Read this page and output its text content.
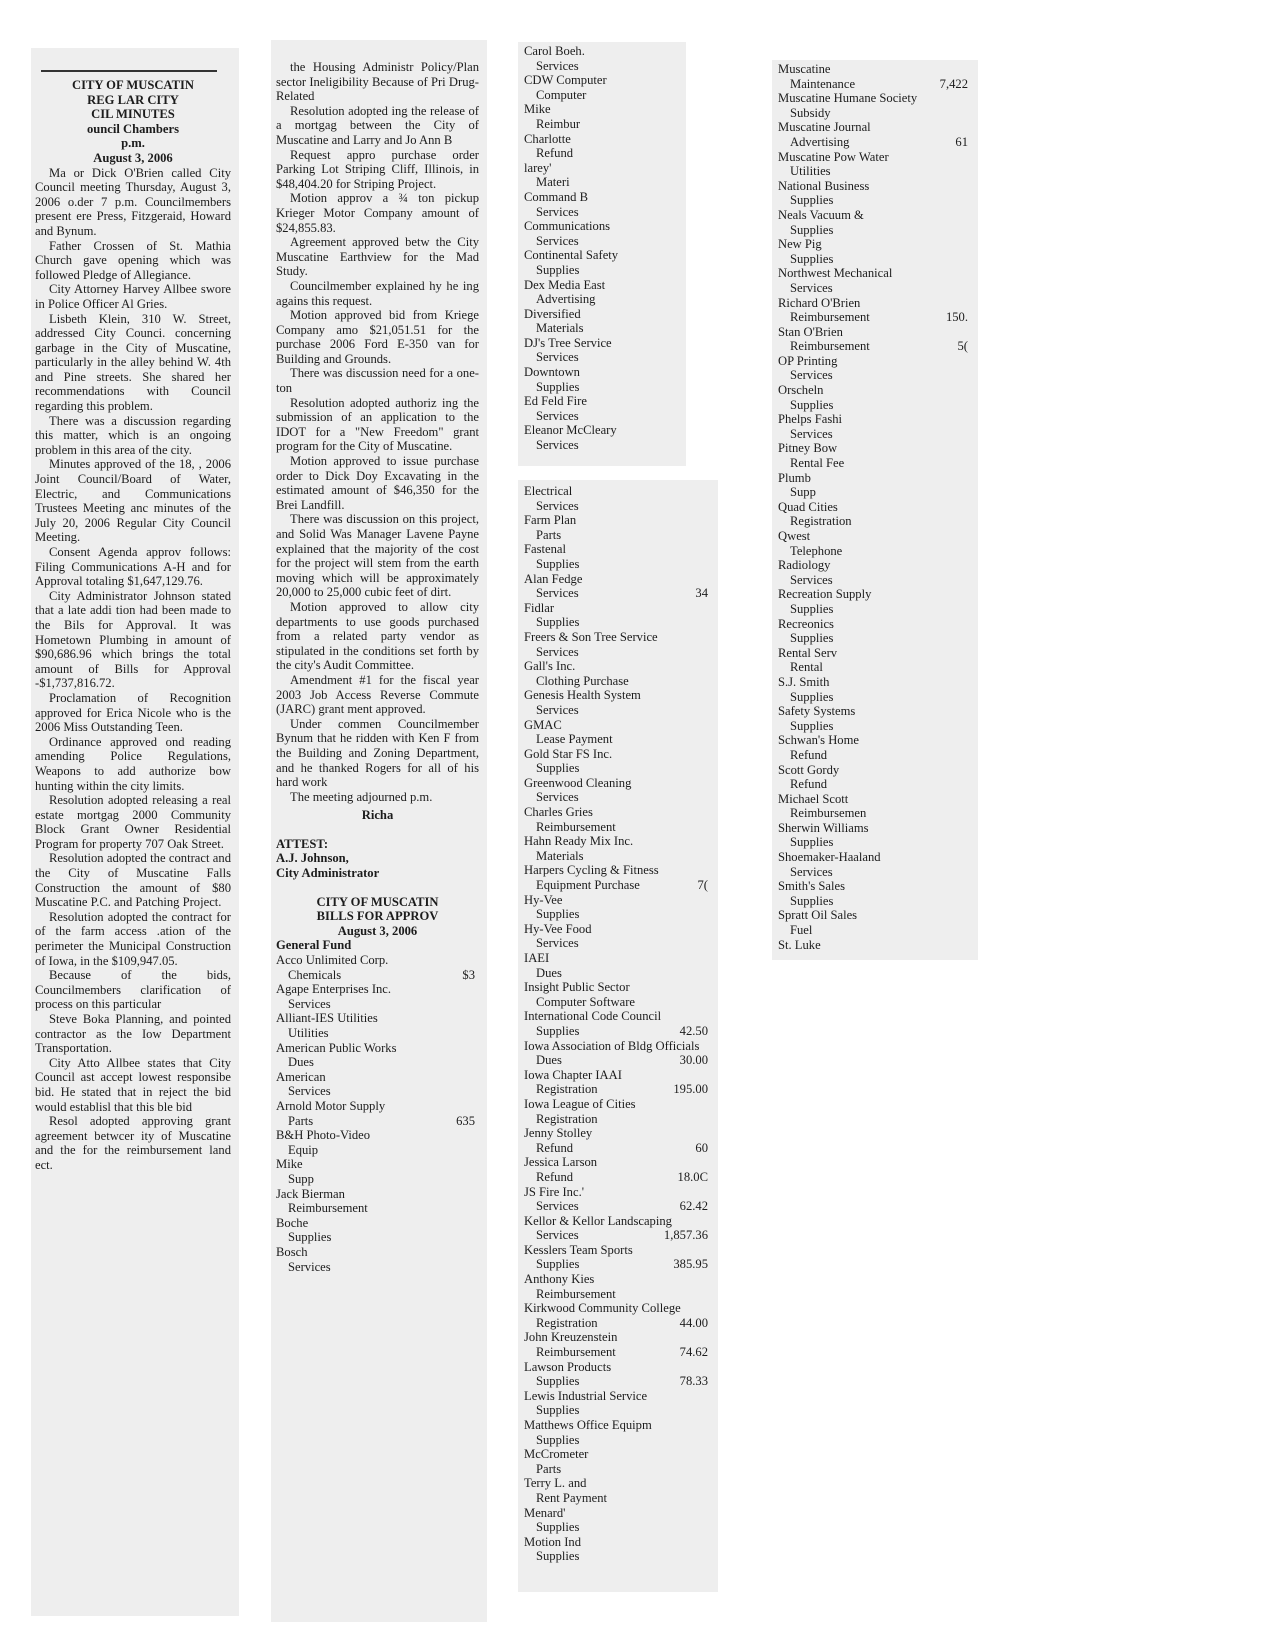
CITY OF MUSCATIN
REG LAR CITY
CIL MINUTES
ouncil Chambers
p.m.
August 3, 2006

Ma or Dick O'Brien called City Council meeting Thursday, August 3, 2006 o.der 7 p.m. Councilmembers present ere Press, Fitzgeraid, Howard and Bynum.

Father Crossen of St. Mathia Church gave opening which was followed Pledge of Allegiance.

City Attorney Harvey Allbee swore in Police Officer Al Gries.

Lisbeth Klein, 310 W. Street, addressed City Counci. concerning garbage in the City of Muscatine, particularly in the alley behind W. 4th and Pine streets. She shared her recommendations with Council regarding this problem.

There was a discussion regarding this matter, which is an ongoing problem in this area of the city.

Minutes approved of the 18, , 2006 Joint Council/Board of Water, Electric, and Communications Trustees Meeting anc minutes of the July 20, 2006 Regular City Council Meeting.

Consent Agenda approv follows: Filing Communications A-H and for Approval totaling $1,647,129.76.

City Administrator Johnson stated that a late addi tion had been made to the Bils for Approval. It was Hometown Plumbing in amount of $90,686.96 which brings the total amount of Bills for Approval -$1,737,816.72.

Proclamation of Recognition approved for Erica Nicole who is the 2006 Miss Outstanding Teen.

Ordinance approved ond reading amending Police Regulations, Weapons to add authorize bow hunting within the city limits.

Resolution adopted releasing a real estate mortgag 2000 Community Block Grant Owner Residential Program for property 707 Oak Street.

Resolution adopted the contract and the City of Muscatine Falls Construction the amount of $80 Muscatine P.C. and Patching Project.

Resolution adopted the contract for of the farm access .ation of the perimeter the Municipal Construction of Iowa, in the $109,947.05.

Because of the bids, Councilmembers clarification of process on this particular

Steve Boka Planning, and pointed contractor as the Iow Department Transportation.

City Atto Allbee states that City Council ast accept lowest responsibe bid. He stated that in reject the bid would establisl that this ble bid

Resol adopted approving grant agreement betwcer ity of Muscatine and the for the reimbursement land ect.

the Housing Administr Policy/Plan sector Ineligibility Because of Pri Drug-Related

Resolution adopted ing the release of a mortgag between the City of Muscatine and Larry and Jo Ann B

Request appro purchase order Parking Lot Striping Cliff, Illinois, in $48,404.20 for Striping Project.

Motion approv a ¾ ton pickup Krieger Motor Company amount of $24,855.83.

Agreement approved betw the City Muscatine Earthview for the Mad Study.

Councilmember explained hy he ing agains this request.

Motion approved bid from Kriege Company amo $21,051.51 for the purchase 2006 Ford E-350 van for Building and Grounds.

There was discussion need for a one-ton

Resolution adopted authoriz ing the submission of an application to the IDOT for a "New Freedom" grant program for the City of Muscatine.

Motion approved to issue purchase order to Dick Doy Excavating in the estimated amount of $46,350 for the Brei Landfill.

There was discussion on this project, and Solid Was Manager Lavene Payne explained that the majority of the cost for the project will stem from the earth moving which will be approximately 20,000 to 25,000 cubic feet of dirt.

Motion approved to allow city departments to use goods purchased from a related party vendor as stipulated in the conditions set forth by the city's Audit Committee.

Amendment #1 for the fiscal year 2003 Job Access Reverse Commute (JARC) grant ment approved.

Under commen Councilmember Bynum that he ridden with Ken F from the Building and Zoning Department, and he thanked Rogers for all of his hard work

The meeting adjourned p.m.

Richa
ATTEST:
A.J. Johnson,
City Administrator
CITY OF MUSCATIN
BILLS FOR APPROV
August 3, 2006
General Fund
Acco Unlimited Corp.
Chemicals	$3
Agape Enterprises Inc.
Services
Alliant-IES Utilities
Utilities
American Public Works
Dues
American
Services
Arnold Motor Supply
Parts	635
B&H Photo-Video
Equip
Mike
Supp
Jack Bierman
Reimbursement
Boche
Supplies
Bosch
Services
Carol Boeh.
Services
CDW Computer
Computer
Mike
Reimbur
Charlotte
Refund
larey'
Materi
Command B
Services
Communications
Services
Continental Safety
Supplies
Dex Media East
Advertising
Diversified
Materials
DJ's Tree Service
Services
Downtown
Supplies
Ed Feld Fire
Services
Eleanor McCleary
Services
Electrical
Services
Farm Plan
Parts
Fastenal
Supplies
Alan Fedge
Services	34
Fidlar
Supplies
Freers & Son Tree Service
Services
Gall's Inc.
Clothing Purchase
Genesis Health System
Services
GMAC
Lease Payment
Gold Star FS Inc.
Supplies
Greenwood Cleaning
Services
Charles Gries
Reimbursement
Hahn Ready Mix Inc.
Materials
Harpers Cycling & Fitness
Equipment Purchase	7(
Hy-Vee
Supplies
Hy-Vee Food
Services
IAEI
Dues
Insight Public Sector
Computer Software
International Code Council
Supplies	42.50
Iowa Association of Bldg Officials
Dues	30.00
Iowa Chapter IAAI
Registration	195.00
Iowa League of Cities
Registration
Jenny Stolley
Refund	60
Jessica Larson
Refund	18.0C
JS Fire Inc.'
Services	62.42
Kellor & Kellor Landscaping
Services	1,857.36
Kesslers Team Sports
Supplies	385.95
Anthony Kies
Reimbursement
Kirkwood Community College
Registration	44.00
John Kreuzenstein
Reimbursement	74.62
Lawson Products
Supplies	78.33
Lewis Industrial Service
Supplies
Matthews Office Equipm
Supplies
McCrometer
Parts
Terry L. and
Rent Payment
Menard'
Supplies
Motion Ind
Supplies
Muscatine
Maintenance	7,422
Muscatine Humane Society
Subsidy
Muscatine Journal
Advertising	61
Muscatine Pow Water
Utilities
National Business
Supplies
Neals Vacuum &
Supplies
New Pig
Supplies
Northwest Mechanical
Services
Richard O'Brien
Reimbursement	150.
Stan O'Brien
Reimbursement	5(
OP Printing
Services
Orscheln
Supplies
Phelps Fashi
Services
Pitney Bow
Rental Fee
Plumb
Supp
Quad Cities
Registration
Qwest
Telephone
Radiology
Services
Recreation Supply
Supplies
Recreonics
Supplies
Rental Serv
Rental
S.J. Smith
Supplies
Safety Systems
Supplies
Schwan's Home
Refund
Scott Gordy
Refund
Michael Scott
Reimbursemen
Sherwin Williams
Supplies
Shoemaker-Haaland
Services
Smith's Sales
Supplies
Spratt Oil Sales
Fuel
St. Luke
